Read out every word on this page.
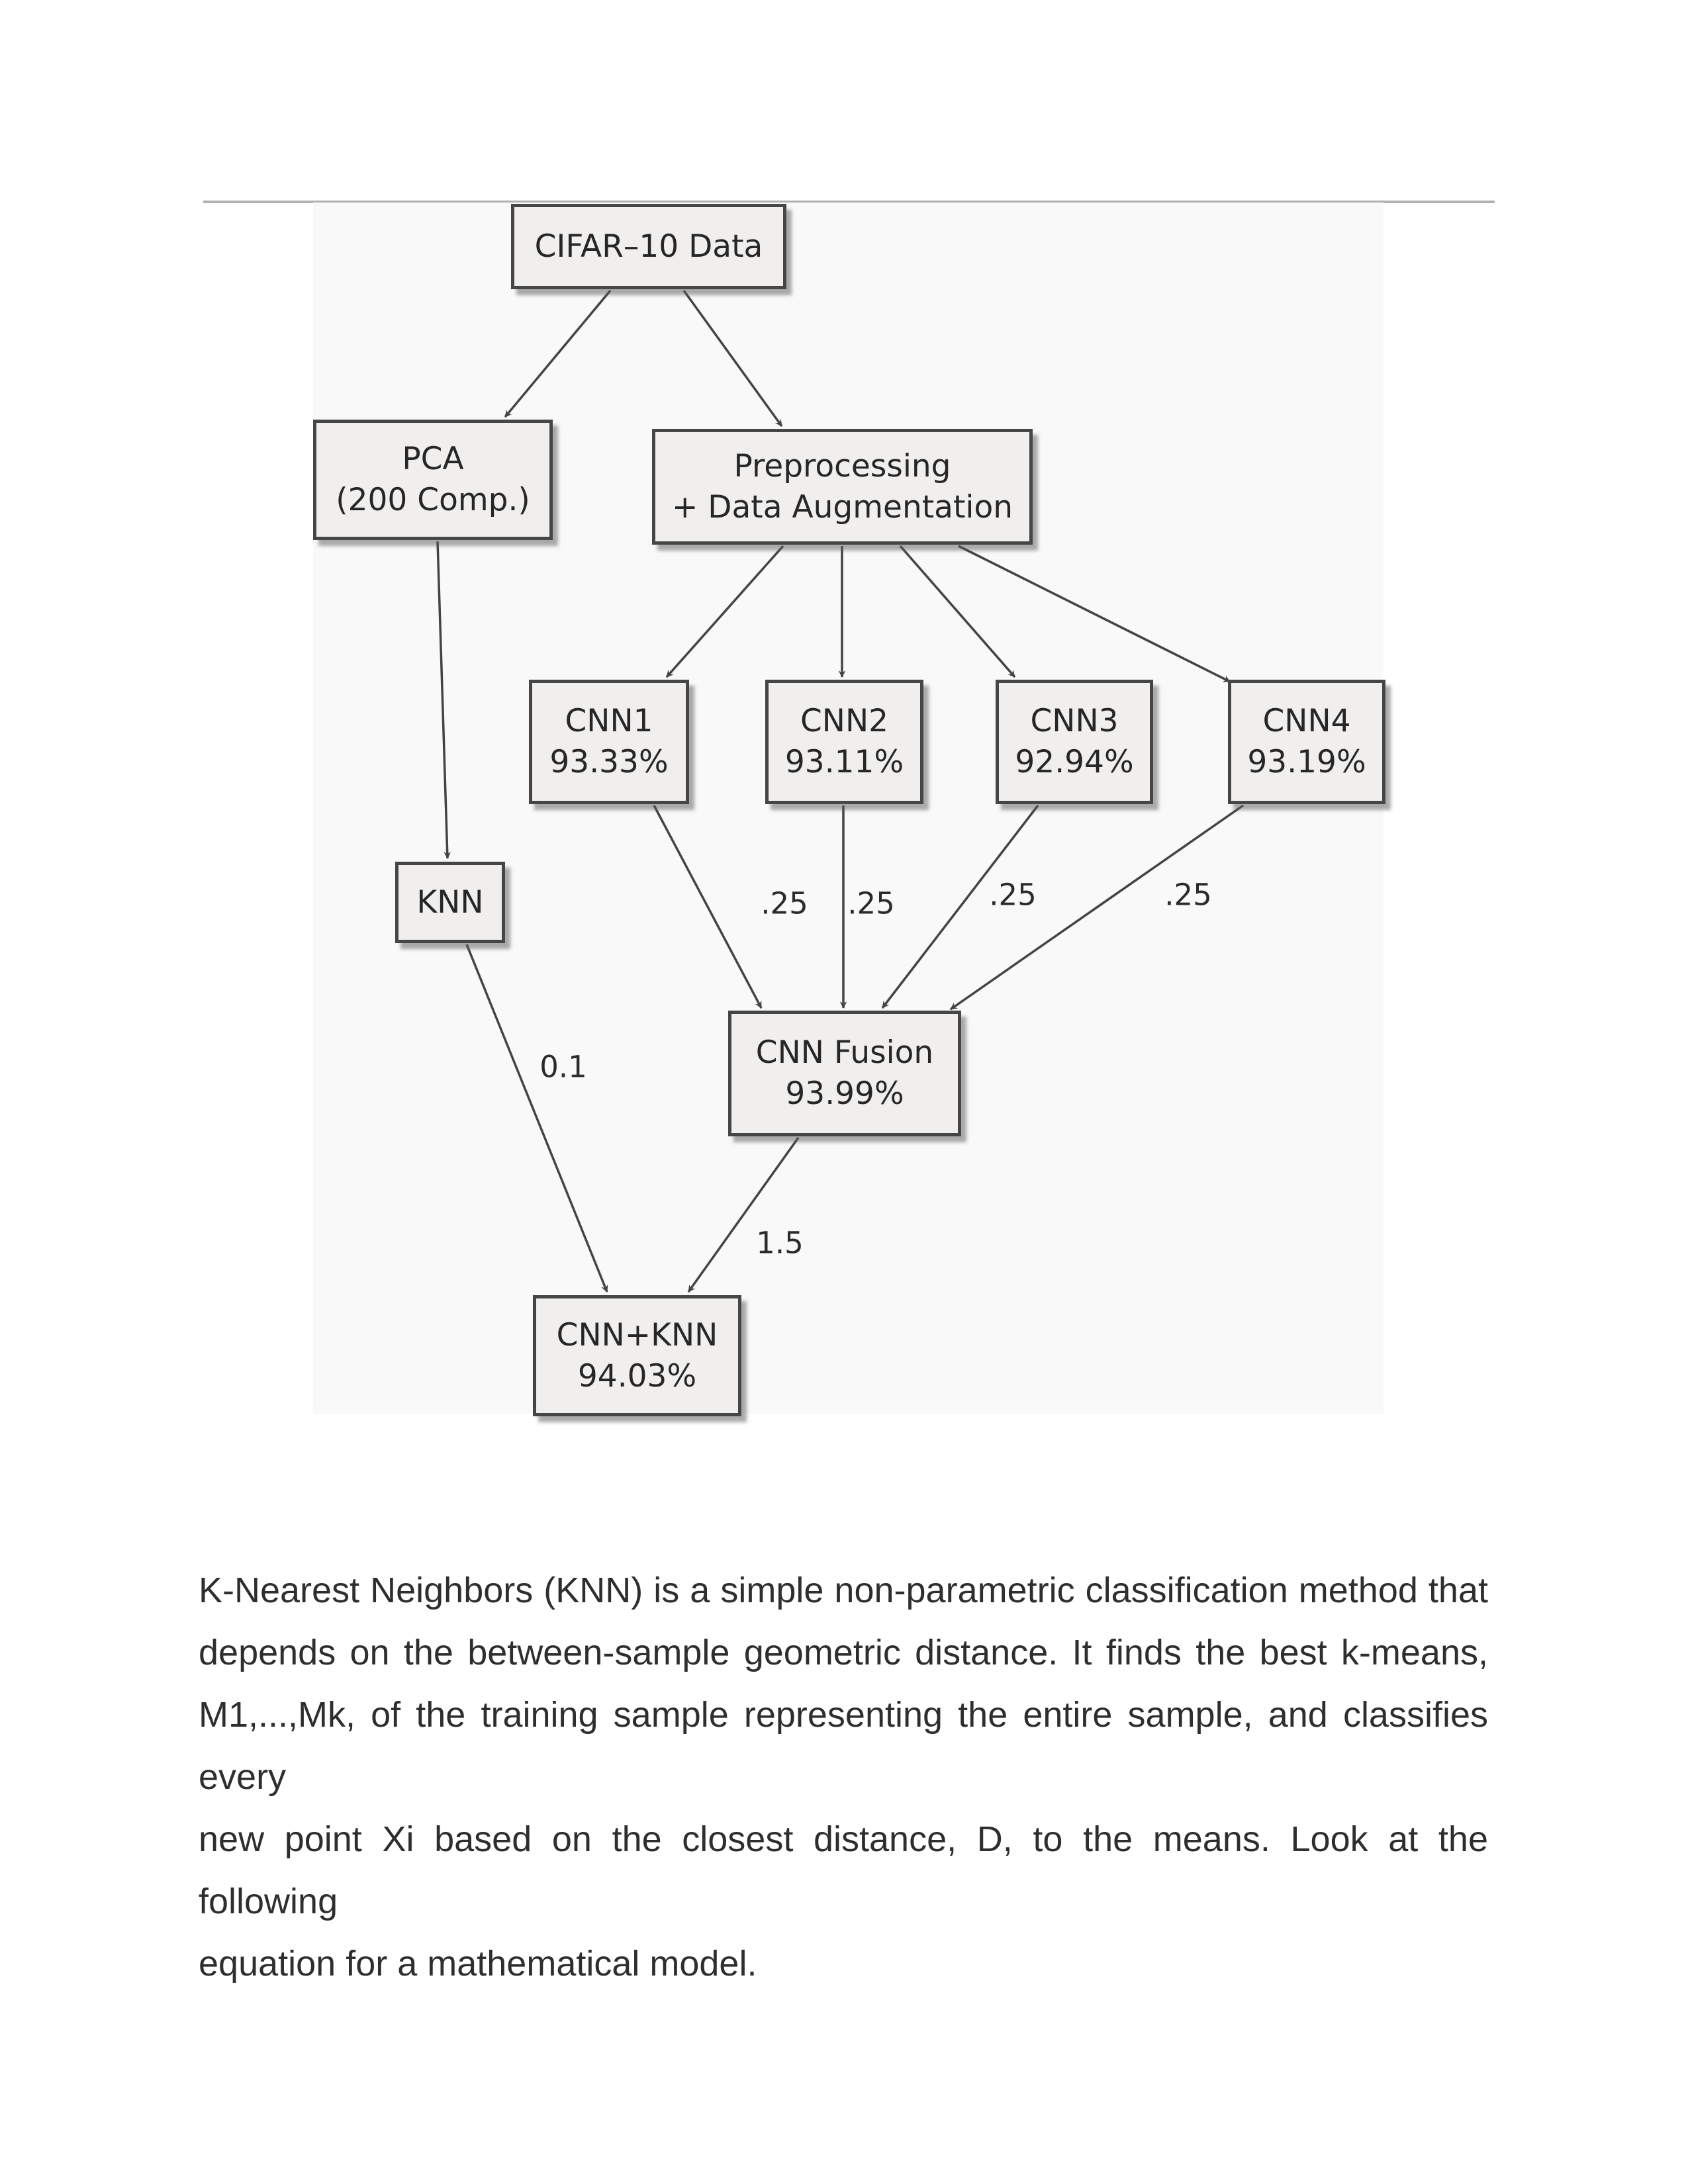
CIFAR–10 Data
PCA
(200 Comp.)
Preprocessing
+ Data Augmentation
CNN1
93.33%
CNN2
93.11%
CNN3
92.94%
CNN4
93.19%
KNN
CNN Fusion
93.99%
CNN+KNN
94.03%
.25 .25	.25	.25
0.1
1.5
K-Nearest Neighbors (KNN) is a simple non-parametric classification method that
depends on the between-sample geometric distance. It finds the best k-means,
M1,...,Mk, of the training sample representing the entire sample, and classifies every
new point Xi based on the closest distance, D, to the means. Look at the following
equation for a mathematical model.
